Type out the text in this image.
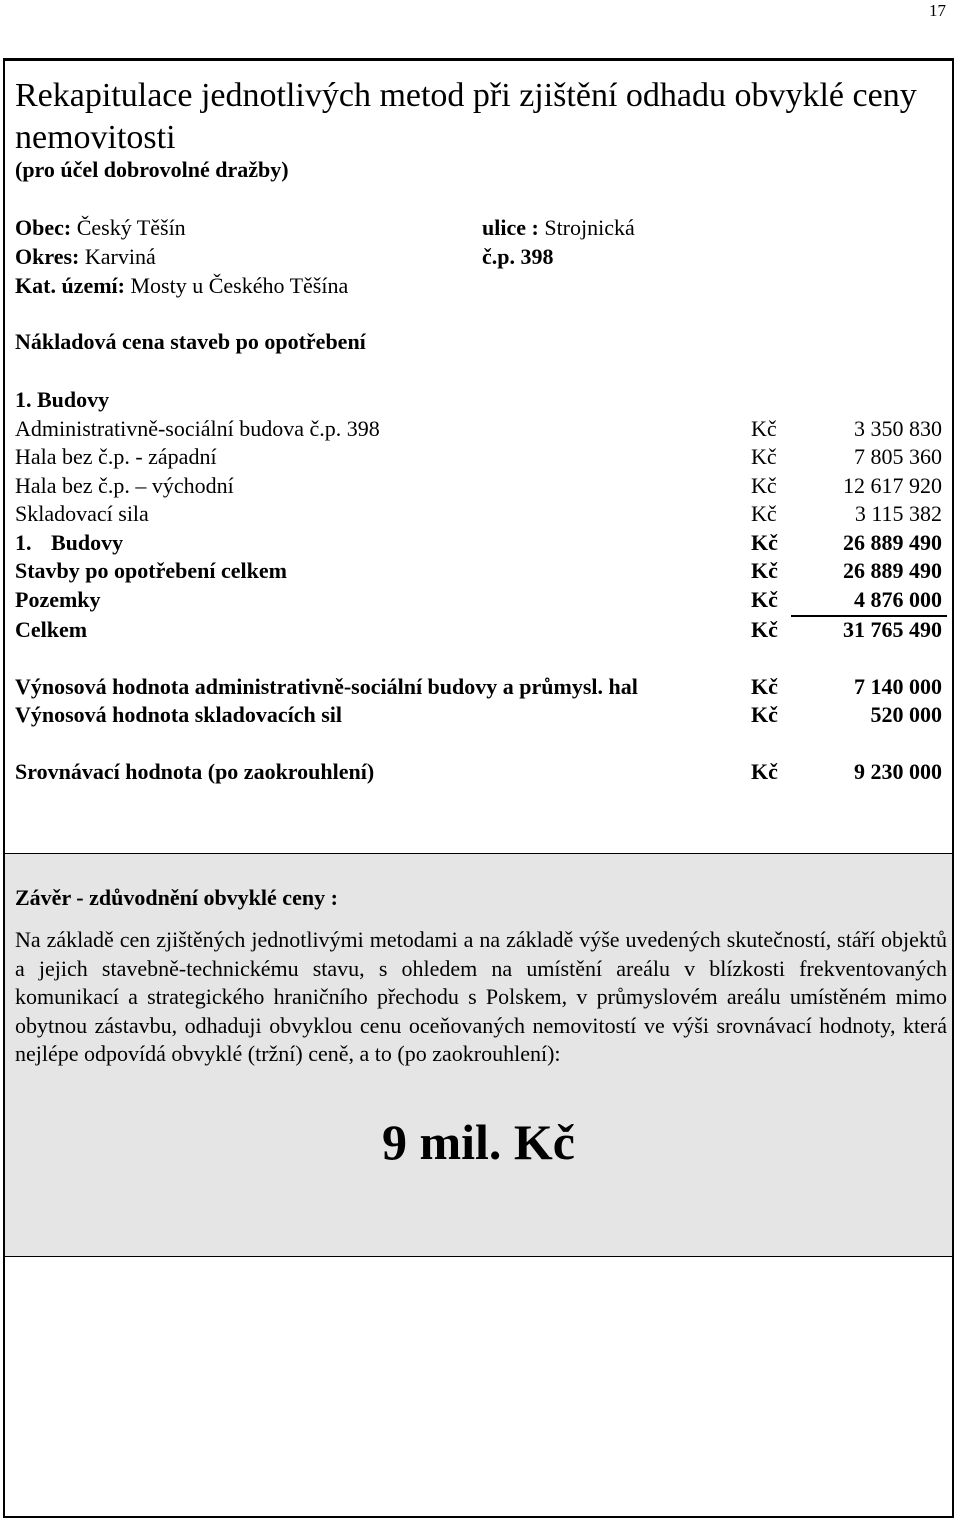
17
Rekapitulace jednotlivých metod při zjištění odhadu obvyklé ceny nemovitosti
(pro účel dobrovolné dražby)
Obec: Český Těšín
Okres: Karviná
Kat. území: Mosty u Českého Těšína
ulice : Strojnická
č.p. 398
Nákladová cena staveb po opotřebení
1. Budovy
Administrativně-sociální budova č.p. 398	Kč	3 350 830
Hala bez č.p. - západní	Kč	7 805 360
Hala bez č.p. – východní	Kč	12 617 920
Skladovací sila	Kč	3 115 382
1. Budovy	Kč	26 889 490
Stavby po opotřebení celkem	Kč	26 889 490
Pozemky	Kč	4 876 000
Celkem	Kč	31 765 490
Výnosová hodnota administrativně-sociální budovy a průmysl. hal	Kč	7 140 000
Výnosová hodnota skladovacích sil	Kč	520 000
Srovnávací hodnota (po zaokrouhlení)	Kč	9 230 000
Závěr - zdůvodnění obvyklé ceny :

Na základě cen zjištěných jednotlivými metodami a na základě výše uvedených skutečností, stáří objektů a jejich stavebně-technickému stavu, s ohledem na umístění areálu v blízkosti frekventovaných komunikací a strategického hraničního přechodu s Polskem, v průmyslovém areálu umístěném mimo obytnou zástavbu, odhaduji obvyklou cenu oceňovaných nemovitostí ve výši srovnávací hodnoty, která nejlépe odpovídá obvyklé (tržní) ceně, a to (po zaokrouhlení):

9 mil. Kč
